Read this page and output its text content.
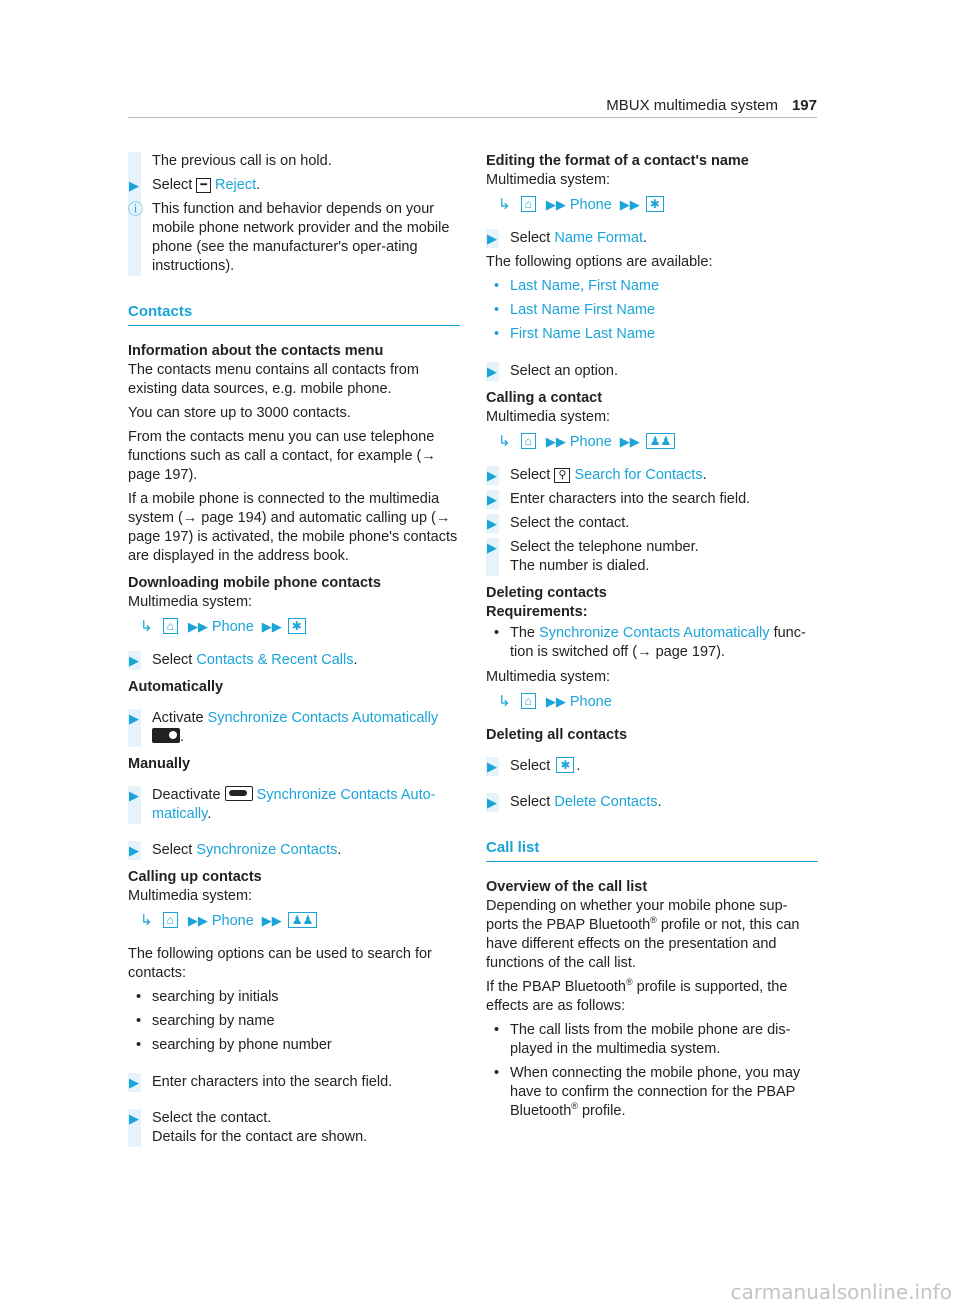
MBUX multimedia system 197
The previous call is on hold.
▶ Select ━ Reject.
ⓘ This function and behavior depends on your mobile phone network provider and the mobile phone (see the manufacturer's oper-ating instructions).
Contacts
Information about the contacts menu

The contacts menu contains all contacts from existing data sources, e.g. mobile phone.

You can store up to 3000 contacts.

From the contacts menu you can use telephone functions such as call a contact, for example (→ page 197).

If a mobile phone is connected to the multimedia system (→ page 194) and automatic calling up (→ page 197) is activated, the mobile phone's contacts are displayed in the address book.

Downloading mobile phone contacts

Multimedia system:

↳ ⌂ ▶▶ Phone ▶▶ ✱
▶ Select Contacts & Recent Calls.
Automatically
▶ Activate Synchronize Contacts Automatically
.
Manually
▶ Deactivate Synchronize Contacts Auto-
matically.
▶ Select Synchronize Contacts.
Calling up contacts

Multimedia system:

↳ ⌂ ▶▶ Phone ▶▶ ♟♟

The following options can be used to search for contacts:

• searching by initials
• searching by name
• searching by phone number
▶ Enter characters into the search field.
▶ Select the contact.
Details for the contact are shown.
Editing the format of a contact's name

Multimedia system:

↳ ⌂ ▶▶ Phone ▶▶ ✱
▶ Select Name Format.

The following options are available:

• Last Name, First Name
• Last Name First Name
• First Name Last Name
▶ Select an option.
Calling a contact

Multimedia system:

↳ ⌂ ▶▶ Phone ▶▶ ♟♟
▶ Select ⚲ Search for Contacts.
▶ Enter characters into the search field.
▶ Select the contact.
▶ Select the telephone number.
The number is dialed.
Deleting contacts
Requirements:
• The Synchronize Contacts Automatically func-tion is switched off (→ page 197).

Multimedia system:

↳ ⌂ ▶▶ Phone
Deleting all contacts
▶ Select ✱ .
▶ Select Delete Contacts.
Call list
Overview of the call list

Depending on whether your mobile phone sup-ports the PBAP Bluetooth® profile or not, this can have different effects on the presentation and functions of the call list.

If the PBAP Bluetooth® profile is supported, the effects are as follows:

• The call lists from the mobile phone are dis-played in the multimedia system.
• When connecting the mobile phone, you may have to confirm the connection for the PBAP Bluetooth® profile.
carmanualsonline.info
